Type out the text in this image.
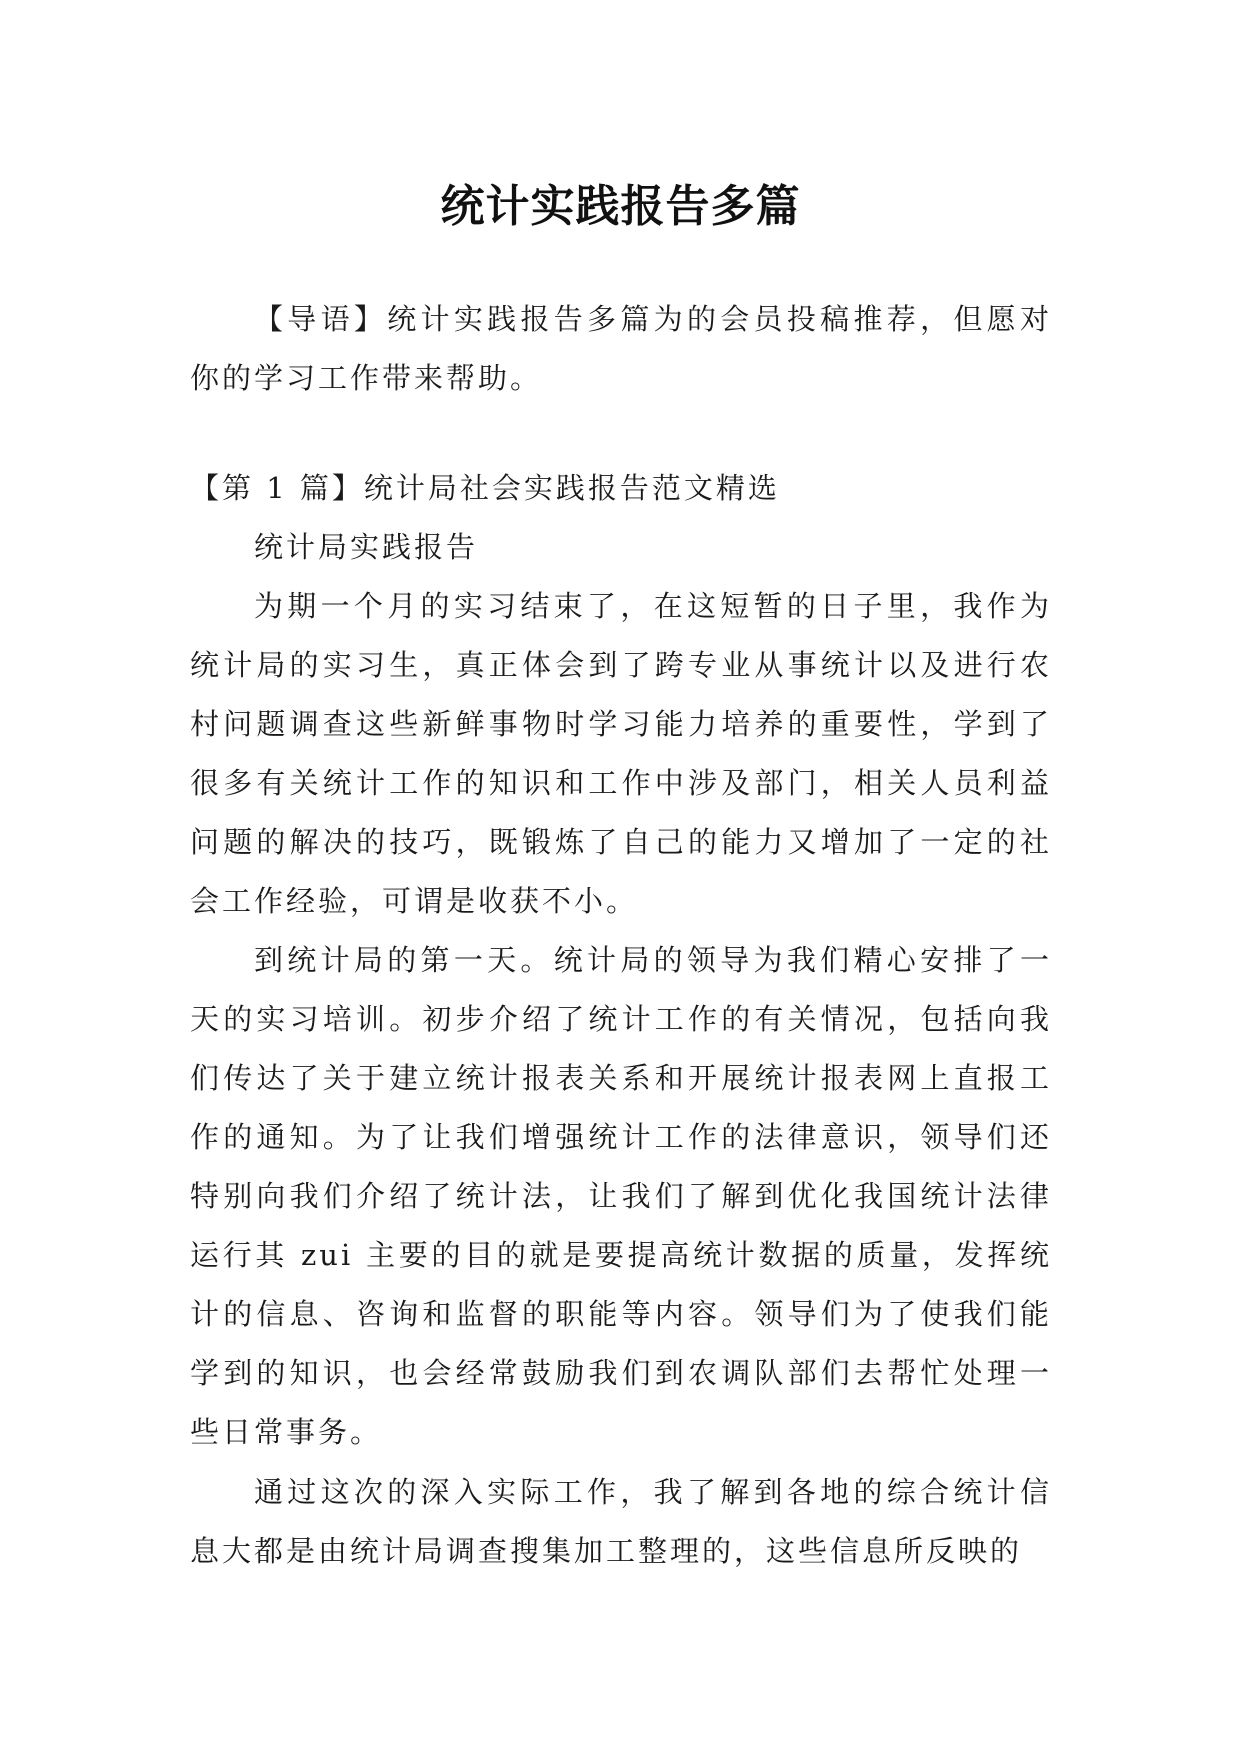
统计实践报告多篇

【导语】统计实践报告多篇为的会员投稿推荐，但愿对你的学习工作带来帮助。

【第 1 篇】统计局社会实践报告范文精选

统计局实践报告

为期一个月的实习结束了，在这短暂的日子里，我作为统计局的实习生，真正体会到了跨专业从事统计以及进行农村问题调查这些新鲜事物时学习能力培养的重要性，学到了很多有关统计工作的知识和工作中涉及部门，相关人员利益问题的解决的技巧，既锻炼了自己的能力又增加了一定的社会工作经验，可谓是收获不小。

到统计局的第一天。统计局的领导为我们精心安排了一天的实习培训。初步介绍了统计工作的有关情况，包括向我们传达了关于建立统计报表关系和开展统计报表网上直报工作的通知。为了让我们增强统计工作的法律意识，领导们还特别向我们介绍了统计法，让我们了解到优化我国统计法律运行其 zui 主要的目的就是要提高统计数据的质量，发挥统计的信息、咨询和监督的职能等内容。领导们为了使我们能学到的知识，也会经常鼓励我们到农调队部们去帮忙处理一些日常事务。

通过这次的深入实际工作，我了解到各地的综合统计信息大都是由统计局调查搜集加工整理的，这些信息所反映的
